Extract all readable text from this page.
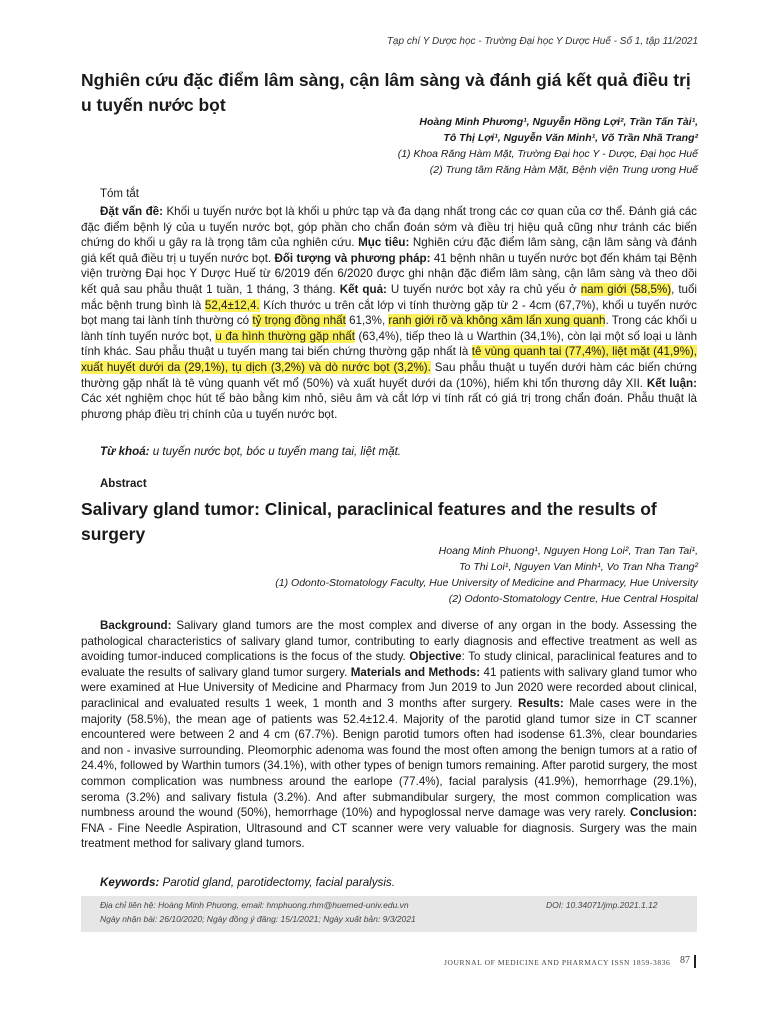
Tạp chí Y Dược học - Trường Đại học Y Dược Huế - Số 1, tập 11/2021
Nghiên cứu đặc điểm lâm sàng, cận lâm sàng và đánh giá kết quả điều trị u tuyến nước bọt
Hoàng Minh Phương¹, Nguyễn Hồng Lợi², Trần Tấn Tài¹,
Tô Thị Lợi¹, Nguyễn Văn Minh¹, Võ Trần Nhã Trang²
(1) Khoa Răng Hàm Mặt, Trường Đại học Y - Dược, Đại học Huế
(2) Trung tâm Răng Hàm Mặt, Bệnh viện Trung ương Huế
Tóm tắt
Đặt vấn đề: Khối u tuyến nước bọt là khối u phức tạp và đa dạng nhất trong các cơ quan của cơ thể. Đánh giá các đặc điểm bệnh lý của u tuyến nước bọt, góp phần cho chẩn đoán sớm và điều trị hiệu quả cũng như tránh các biến chứng do khối u gây ra là trọng tâm của nghiên cứu. Mục tiêu: Nghiên cứu đặc điểm lâm sàng, cận lâm sàng và đánh giá kết quả điều trị u tuyến nước bọt. Đối tượng và phương pháp: 41 bệnh nhân u tuyến nước bọt đến khám tại Bệnh viện trường Đại học Y Dược Huế từ 6/2019 đến 6/2020 được ghi nhận đặc điểm lâm sàng, cận lâm sàng và theo dõi kết quả sau phẫu thuật 1 tuần, 1 tháng, 3 tháng. Kết quả: U tuyến nước bọt xảy ra chủ yếu ở nam giới (58,5%), tuổi mắc bệnh trung bình là 52,4±12,4. Kích thước u trên cắt lớp vi tính thường gặp từ 2 - 4cm (67,7%), khối u tuyến nước bọt mang tai lành tính thường có tỷ trọng đồng nhất 61,3%, ranh giới rõ và không xâm lấn xung quanh. Trong các khối u lành tính tuyến nước bọt, u đa hình thường gặp nhất (63,4%), tiếp theo là u Warthin (34,1%), còn lại một số loại u lành tính khác. Sau phẫu thuật u tuyến mang tai biến chứng thường gặp nhất là tê vùng quanh tai (77,4%), liệt mặt (41,9%), xuất huyết dưới da (29,1%), tụ dịch (3,2%) và dò nước bọt (3,2%). Sau phẫu thuật u tuyến dưới hàm các biến chứng thường gặp nhất là tê vùng quanh vết mổ (50%) và xuất huyết dưới da (10%), hiếm khi tổn thương dây XII. Kết luận: Các xét nghiệm chọc hút tế bào bằng kim nhỏ, siêu âm và cắt lớp vi tính rất có giá trị trong chẩn đoán. Phẫu thuật là phương pháp điều trị chính của u tuyến nước bọt.
Từ khoá: u tuyến nước bọt, bóc u tuyến mang tai, liệt mặt.
Abstract
Salivary gland tumor: Clinical, paraclinical features and the results of surgery
Hoang Minh Phuong¹, Nguyen Hong Loi², Tran Tan Tai¹,
To Thi Loi¹, Nguyen Van Minh¹, Vo Tran Nha Trang²
(1) Odonto-Stomatology Faculty, Hue University of Medicine and Pharmacy, Hue University
(2) Odonto-Stomatology Centre, Hue Central Hospital
Background: Salivary gland tumors are the most complex and diverse of any organ in the body. Assessing the pathological characteristics of salivary gland tumor, contributing to early diagnosis and effective treatment as well as avoiding tumor-induced complications is the focus of the study. Objective: To study clinical, paraclinical features and to evaluate the results of salivary gland tumor surgery. Materials and Methods: 41 patients with salivary gland tumor who were examined at Hue University of Medicine and Pharmacy from Jun 2019 to Jun 2020 were recorded about clinical, paraclinical and evaluated results 1 week, 1 month and 3 months after surgery. Results: Male cases were in the majority (58.5%), the mean age of patients was 52.4±12.4. Majority of the parotid gland tumor size in CT scanner encountered were between 2 and 4 cm (67.7%). Benign parotid tumors often had isodense 61.3%, clear boundaries and non - invasive surrounding. Pleomorphic adenoma was found the most often among the benign tumors at a ratio of 24.4%, followed by Warthin tumors (34.1%), with other types of benign tumors remaining. After parotid surgery, the most common complication was numbness around the earlope (77.4%), facial paralysis (41.9%), hemorrhage (29.1%), seroma (3.2%) and salivary fistula (3.2%). And after submandibular surgery, the most common complication was numbness around the wound (50%), hemorrhage (10%) and hypoglossal nerve damage was very rarely. Conclusion: FNA - Fine Needle Aspiration, Ultrasound and CT scanner were very valuable for diagnosis. Surgery was the main treatment method for salivary gland tumors.
Keywords: Parotid gland, parotidectomy, facial paralysis.
Địa chỉ liên hệ: Hoàng Minh Phương, email: hmphuong.rhm@huemed-univ.edu.vn
Ngày nhận bài: 26/10/2020; Ngày đồng ý đăng: 15/1/2021; Ngày xuất bản: 9/3/2021
DOI: 10.34071/jmp.2021.1.12
JOURNAL OF MEDICINE AND PHARMACY ISSN 1859-3836 87
